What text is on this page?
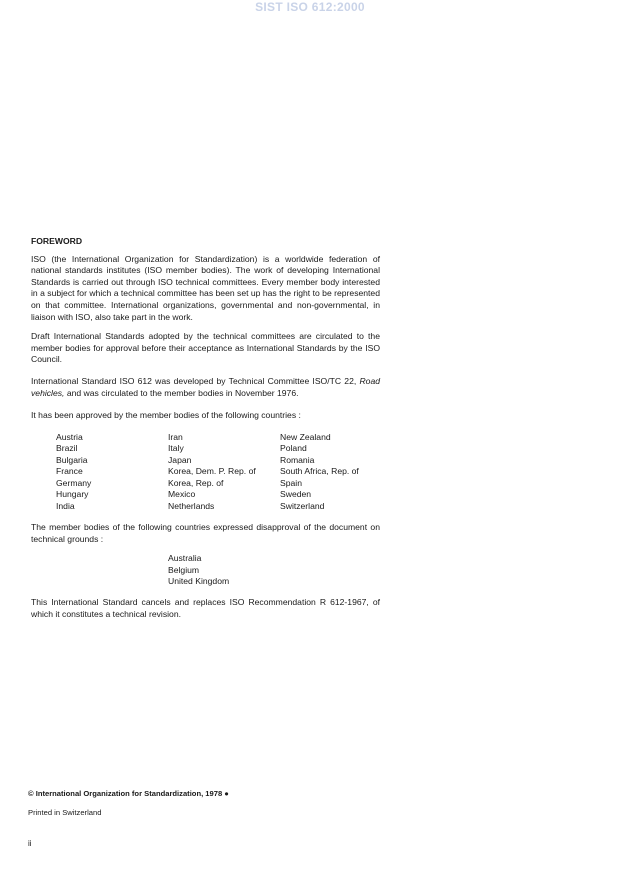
SIST ISO 612:2000
FOREWORD

ISO (the International Organization for Standardization) is a worldwide federation of national standards institutes (ISO member bodies). The work of developing International Standards is carried out through ISO technical committees. Every member body interested in a subject for which a technical committee has been set up has the right to be represented on that committee. International organizations, governmental and non-governmental, in liaison with ISO, also take part in the work.

Draft International Standards adopted by the technical committees are circulated to the member bodies for approval before their acceptance as International Standards by the ISO Council.

International Standard ISO 612 was developed by Technical Committee ISO/TC 22, Road vehicles, and was circulated to the member bodies in November 1976.

It has been approved by the member bodies of the following countries :

Austria	Iran	New Zealand
Brazil	Italy	Poland
Bulgaria	Japan	Romania
France	Korea, Dem. P. Rep. of	South Africa, Rep. of
Germany	Korea, Rep. of	Spain
Hungary	Mexico	Sweden
India	Netherlands	Switzerland

The member bodies of the following countries expressed disapproval of the document on technical grounds :

Australia
Belgium
United Kingdom

This International Standard cancels and replaces ISO Recommendation R 612-1967, of which it constitutes a technical revision.

© International Organization for Standardization, 1978 ●
Printed in Switzerland
ii
